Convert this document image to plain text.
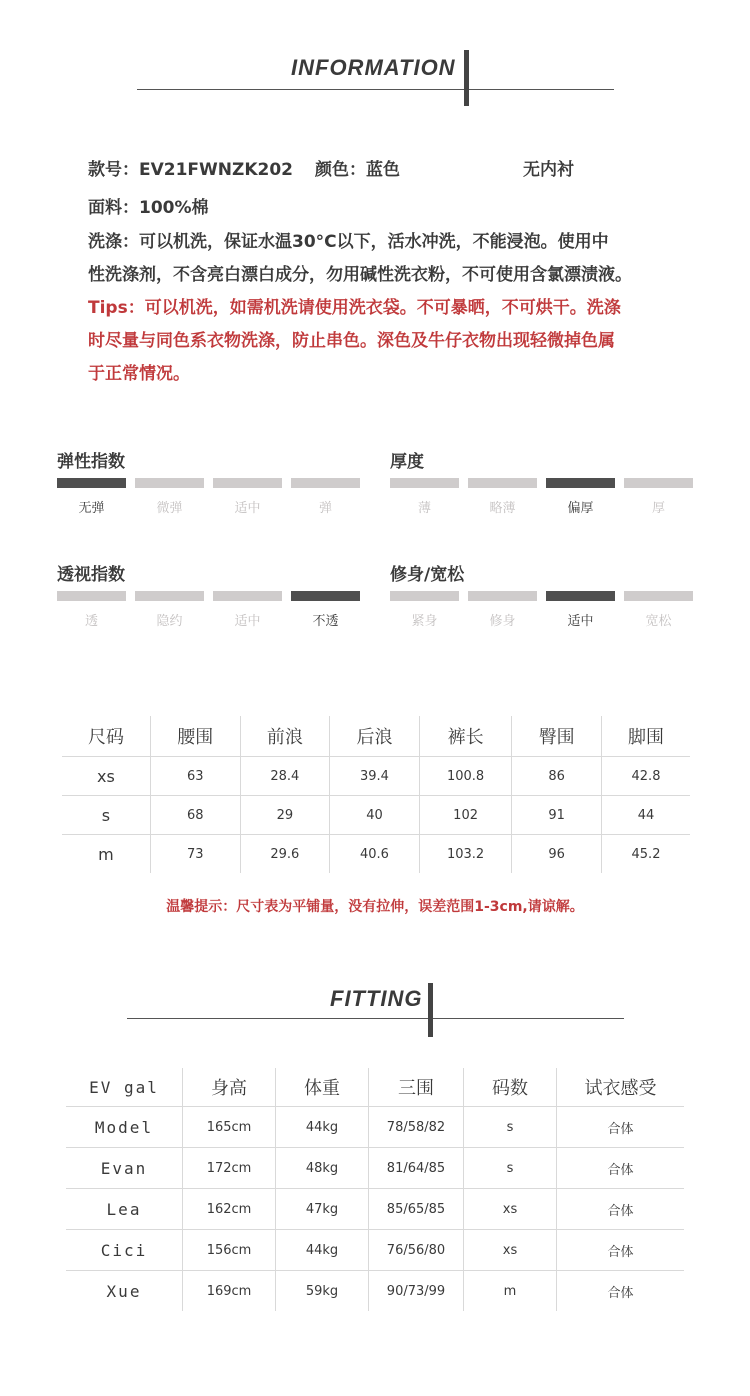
INFORMATION
款号：EV21FWNZK202 颜色：蓝色	无内衬
面料：100%棉
洗涤：可以机洗，保证水温30°C以下，活水冲洗，不能浸泡。使用中
性洗涤剂，不含亮白漂白成分，勿用碱性洗衣粉，不可使用含氯漂渍液。
Tips：可以机洗，如需机洗请使用洗衣袋。不可暴晒，不可烘干。洗涤
时尽量与同色系衣物洗涤，防止串色。深色及牛仔衣物出现轻微掉色属
于正常情况。
弹性指数
无弹	微弹	适中	弹
厚度
薄	略薄	偏厚	厚
透视指数
透	隐约	适中	不透
修身/宽松
紧身	修身	适中	宽松
尺码	腰围	前浪	后浪	裤长	臀围	脚围
xs	63	28.4	39.4	100.8	86	42.8
s	68	29	40	102	91	44
m	73	29.6	40.6	103.2	96	45.2
温馨提示：尺寸表为平铺量，没有拉伸，误差范围1-3cm,请谅解。
FITTING
EV gal	身高	体重	三围	码数	试衣感受
Model	165cm	44kg	78/58/82	s	合体
Evan	172cm	48kg	81/64/85	s	合体
Lea	162cm	47kg	85/65/85	xs	合体
Cici	156cm	44kg	76/56/80	xs	合体
Xue	169cm	59kg	90/73/99	m	合体
